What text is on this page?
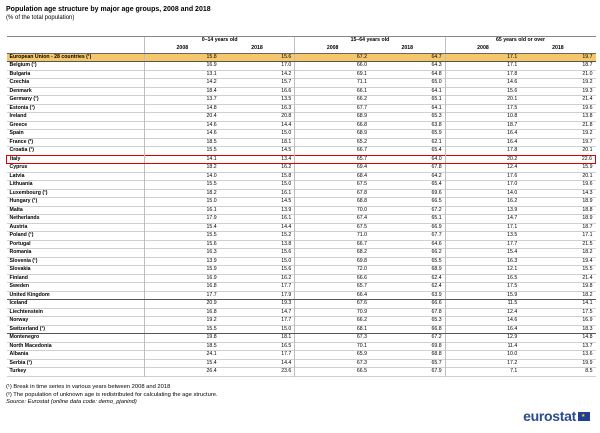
Population age structure by major age groups, 2008 and 2018
(% of the total population)
	0–14 years old		15–64 years old		65 years old or over	
	2008	2018	2008	2018	2008	2018
European Union - 28 countries (¹)	15.8	15.6	67.2	64.7	17.1	19.7
Belgium (¹)	16.9	17.0	66.0	64.3	17.1	18.7
Bulgaria	13.1	14.2	69.1	64.8	17.8	21.0
Czechia	14.2	15.7	71.1	65.0	14.6	19.2
Denmark	18.4	16.6	66.1	64.1	15.6	19.3
Germany (¹)	13.7	13.5	66.2	65.1	20.1	21.4
Estonia (¹)	14.8	16.3	67.7	64.1	17.5	19.6
Ireland	20.4	20.8	68.9	65.3	10.8	13.8
Greece	14.6	14.4	66.8	63.8	18.7	21.8
Spain	14.6	15.0	68.9	65.9	16.4	19.2
France (²)	18.5	18.1	65.2	62.1	16.4	19.7
Croatia (¹)	15.5	14.5	66.7	65.4	17.8	20.1
Italy	14.1	13.4	65.7	64.0	20.2	22.6
Cyprus	18.2	16.2	69.4	67.8	12.4	15.9
Latvia	14.0	15.8	68.4	64.2	17.6	20.1
Lithuania	15.5	15.0	67.5	65.4	17.0	19.6
Luxembourg (¹)	18.2	16.1	67.8	69.6	14.0	14.3
Hungary (¹)	15.0	14.5	68.8	66.5	16.2	18.9
Malta	16.1	13.9	70.0	67.2	13.9	18.8
Netherlands	17.9	16.1	67.4	65.1	14.7	18.9
Austria	15.4	14.4	67.5	66.9	17.1	18.7
Poland (¹)	15.5	15.2	71.0	67.7	13.5	17.1
Portugal	15.6	13.8	66.7	64.6	17.7	21.5
Romania	16.3	15.6	68.2	66.2	15.4	18.2
Slovenia (¹)	13.9	15.0	69.8	65.5	16.3	19.4
Slovakia	15.9	15.6	72.0	68.9	12.1	15.5
Finland	16.9	16.2	66.6	62.4	16.5	21.4
Sweden	16.8	17.7	65.7	62.4	17.5	19.8
United Kingdom	17.7	17.9	66.4	63.9	15.9	18.2
Iceland	20.9	19.3	67.6	66.6	11.5	14.1
Liechtenstein	16.8	14.7	70.9	67.8	12.4	17.5
Norway	19.2	17.7	66.2	65.3	14.6	16.9
Switzerland (¹)	15.5	15.0	68.1	66.8	16.4	18.3
Montenegro	19.8	18.1	67.3	67.2	12.9	14.8
North Macedonia	18.5	16.5	70.1	69.8	11.4	13.7
Albania	24.1	17.7	65.9	68.8	10.0	13.6
Serbia (¹)	15.4	14.4	67.3	65.7	17.2	19.9
Turkey	26.4	23.6	66.5	67.9	7.1	8.5
(¹) Break in time series in various years between 2008 and 2018
(²) The population of unknown age is redistributed for calculating the age structure.
Source: Eurostat (online data code: demo_pjanind)
eurostat ★
